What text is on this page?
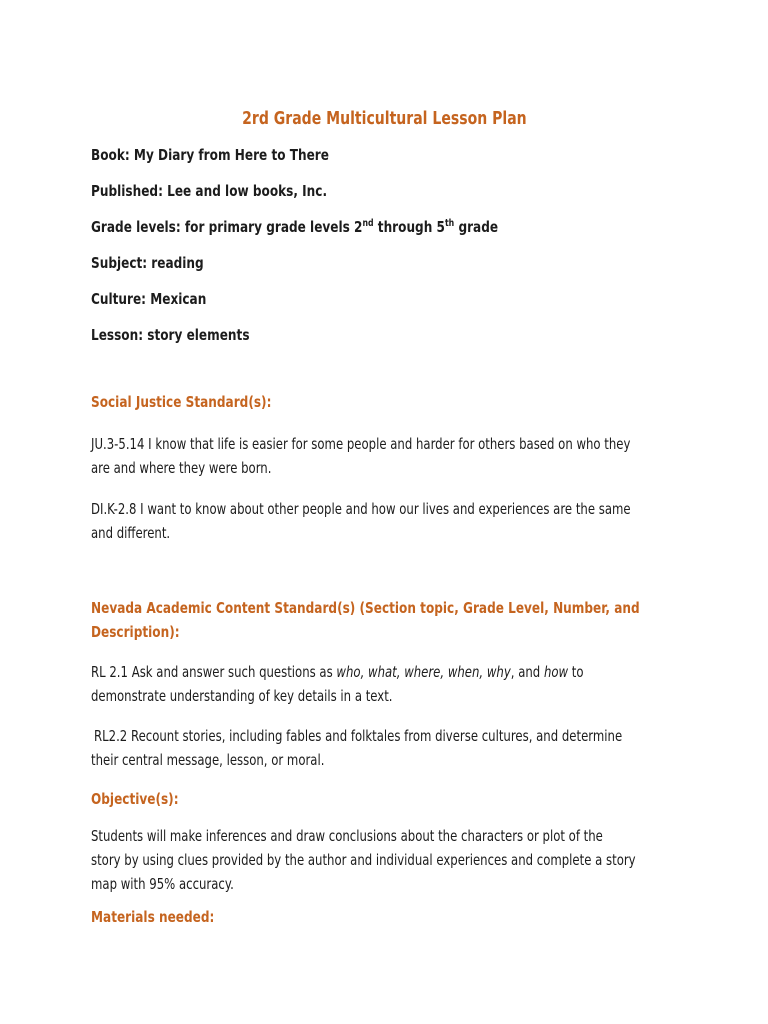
2rd Grade Multicultural Lesson Plan
Book: My Diary from Here to There
Published: Lee and low books, Inc.
Grade levels: for primary grade levels 2nd through 5th grade
Subject: reading
Culture: Mexican
Lesson: story elements
Social Justice Standard(s):
JU.3-5.14 I know that life is easier for some people and harder for others based on who they
are and where they were born.
DI.K-2.8 I want to know about other people and how our lives and experiences are the same
and different.
Nevada Academic Content Standard(s) (Section topic, Grade Level, Number, and
Description):
RL 2.1 Ask and answer such questions as who, what, where, when, why, and how to
demonstrate understanding of key details in a text.
RL2.2 Recount stories, including fables and folktales from diverse cultures, and determine
their central message, lesson, or moral.
Objective(s):
Students will make inferences and draw conclusions about the characters or plot of the
story by using clues provided by the author and individual experiences and complete a story
map with 95% accuracy.
Materials needed:
